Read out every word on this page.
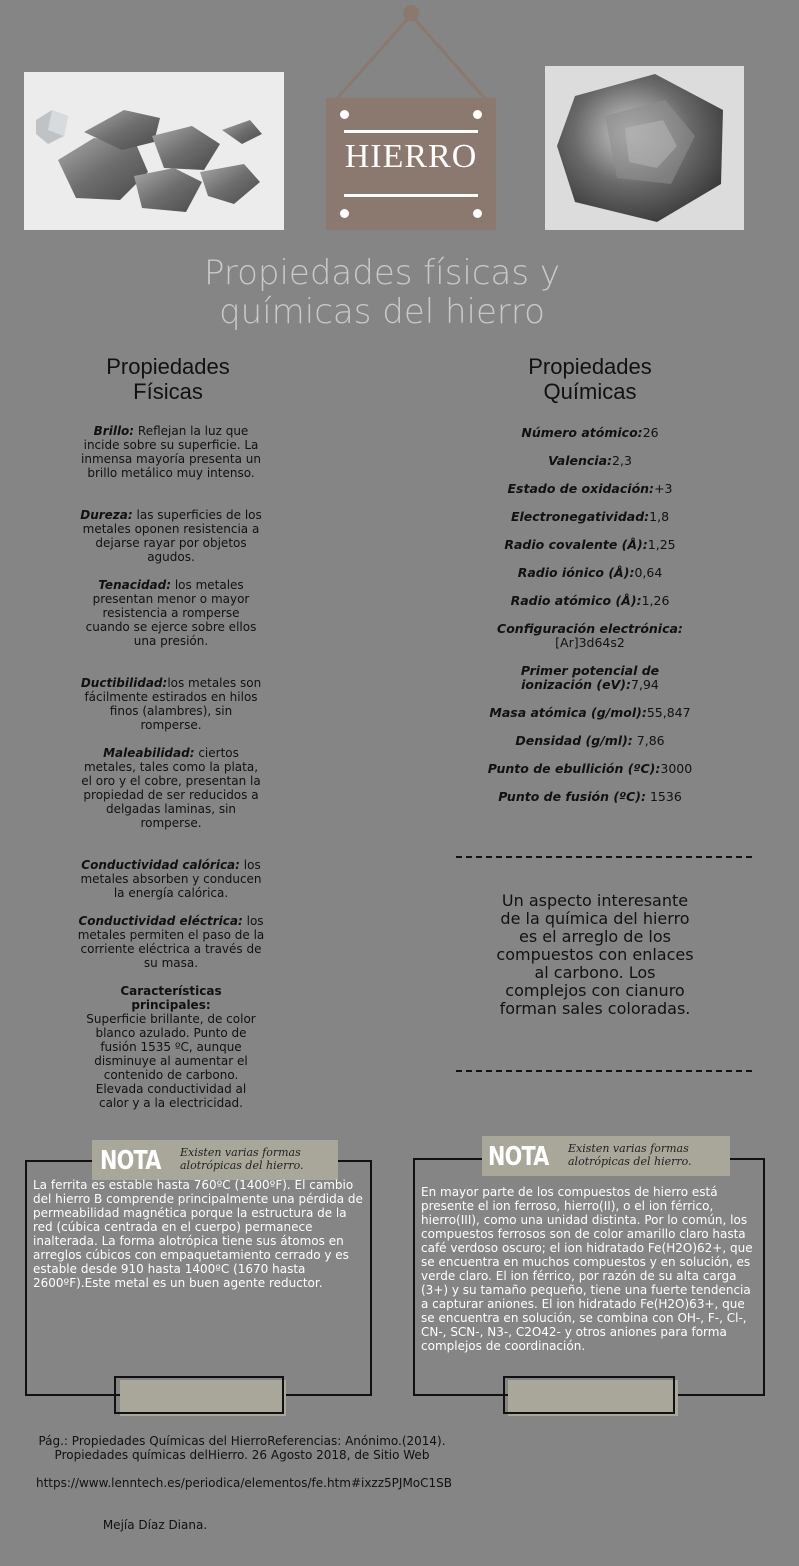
HIERRO
Propiedades físicas y
químicas del hierro
Propiedades
Físicas
Brillo: Reflejan la luz que incide sobre su superficie. La inmensa mayoría presenta un brillo metálico muy intenso.
Dureza: las superficies de los metales oponen resistencia a dejarse rayar por objetos agudos.
Tenacidad: los metales presentan menor o mayor resistencia a romperse cuando se ejerce sobre ellos una presión.
Ductibilidad:los metales son fácilmente estirados en hilos finos (alambres), sin romperse.
Maleabilidad: ciertos metales, tales como la plata, el oro y el cobre, presentan la propiedad de ser reducidos a delgadas laminas, sin romperse.
Conductividad calórica: los metales absorben y conducen la energía calórica.
Conductividad eléctrica: los metales permiten el paso de la corriente eléctrica a través de su masa.
Características principales:
Superficie brillante, de color blanco azulado. Punto de fusión 1535 ºC, aunque disminuye al aumentar el contenido de carbono. Elevada conductividad al calor y a la electricidad.
Propiedades
Químicas
Número atómico:26
Valencia:2,3
Estado de oxidación:+3
Electronegatividad:1,8
Radio covalente (Å):1,25
Radio iónico (Å):0,64
Radio atómico (Å):1,26
Configuración electrónica:
[Ar]3d64s2
Primer potencial de ionización (eV):7,94
Masa atómica (g/mol):55,847
Densidad (g/ml): 7,86
Punto de ebullición (ºC):3000
Punto de fusión (ºC): 1536
Un aspecto interesante de la química del hierro es el arreglo de los compuestos con enlaces al carbono. Los complejos con cianuro forman sales coloradas.
NOTA Existen varias formas alotrópicas del hierro.
La ferrita es estable hasta 760ºC (1400ºF). El cambio del hierro B comprende principalmente una pérdida de permeabilidad magnética porque la estructura de la red (cúbica centrada en el cuerpo) permanece inalterada. La forma alotrópica tiene sus átomos en arreglos cúbicos con empaquetamiento cerrado y es estable desde 910 hasta 1400ºC (1670 hasta 2600ºF).Este metal es un buen agente reductor.
NOTA Existen varias formas alotrópicas del hierro.
En mayor parte de los compuestos de hierro está presente el ion ferroso, hierro(II), o el ion férrico, hierro(III), como una unidad distinta. Por lo común, los compuestos ferrosos son de color amarillo claro hasta café verdoso oscuro; el ion hidratado Fe(H2O)62+, que se encuentra en muchos compuestos y en solución, es verde claro. El ion férrico, por razón de su alta carga (3+) y su tamaño pequeño, tiene una fuerte tendencia a capturar aniones. El ion hidratado Fe(H2O)63+, que se encuentra en solución, se combina con OH-, F-, Cl-, CN-, SCN-, N3-, C2O42- y otros aniones para forma complejos de coordinación.
Pág.: Propiedades Químicas del HierroReferencias: Anónimo.(2014). Propiedades químicas delHierro. 26 Agosto 2018, de Sitio Web
https://www.lenntech.es/periodica/elementos/fe.htm#ixzz5PJMoC1SB
Mejía Díaz Diana.
